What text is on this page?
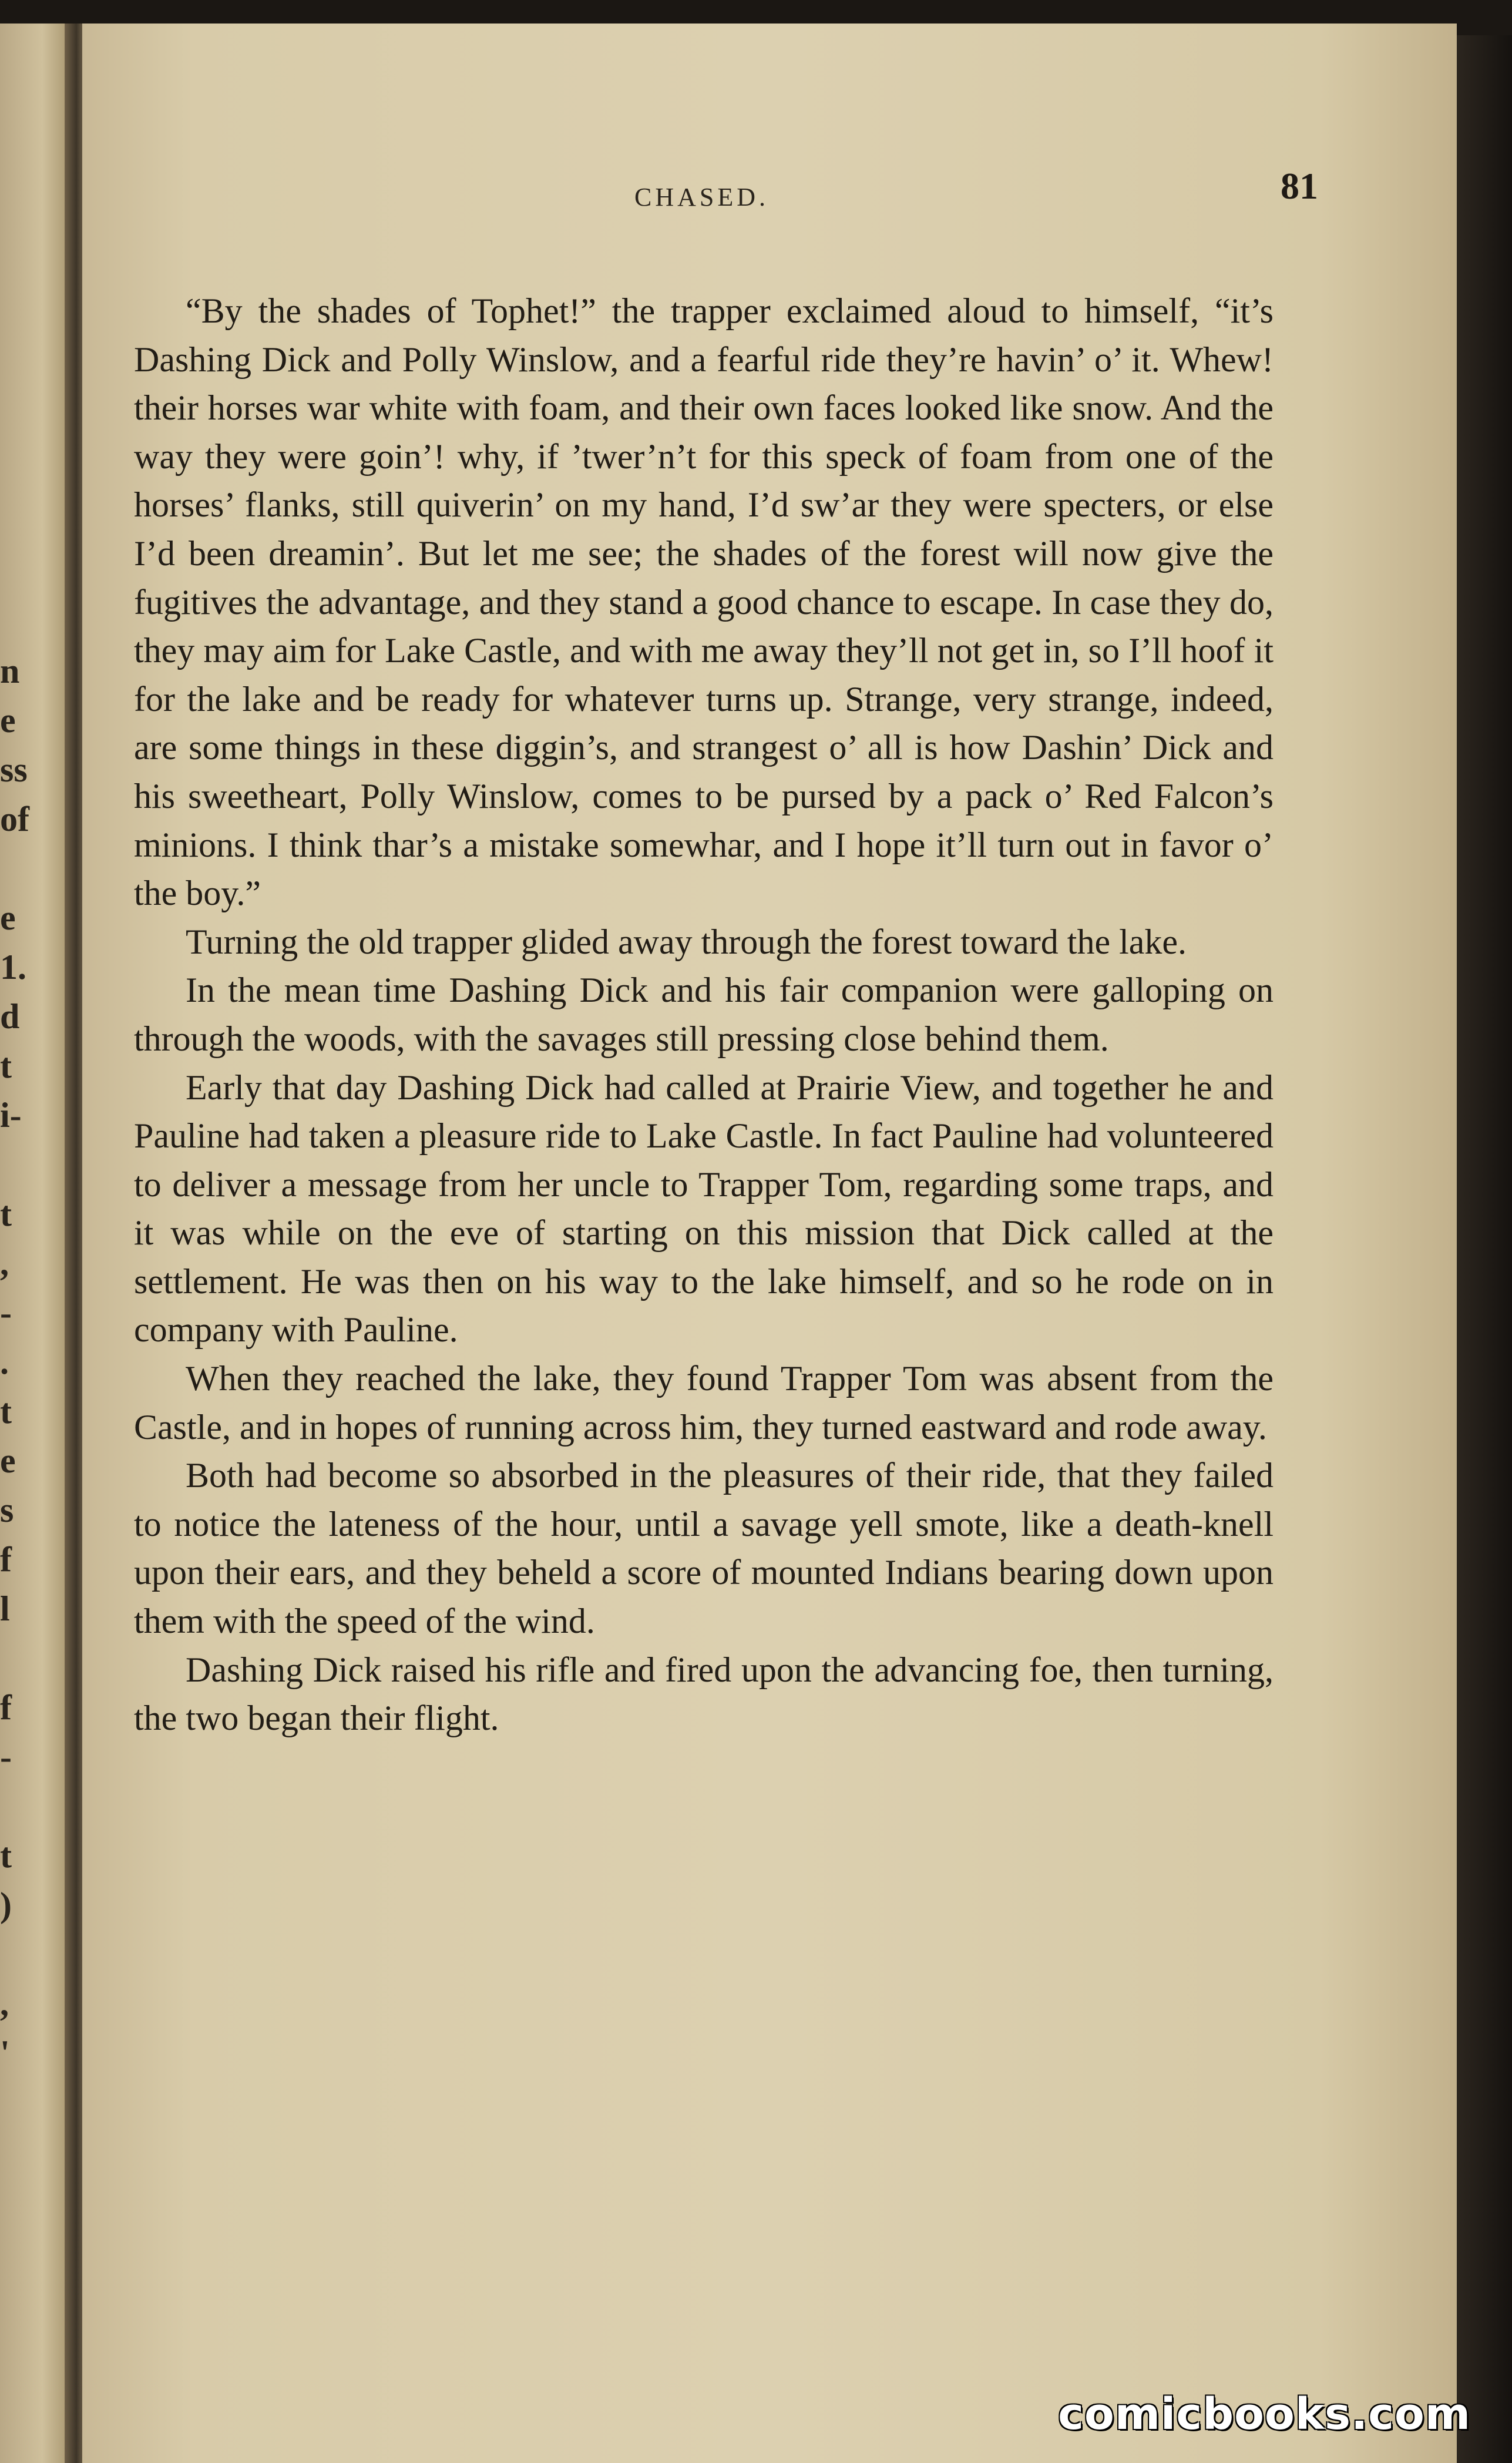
n
e
ss
of
e
1.
d
t
i-
t
,
-
.
t
e
s
f
l
f
-
t
)
,
'
CHASED.	81

“By the shades of Tophet!” the trapper exclaimed aloud to himself, “it’s Dashing Dick and Polly Winslow, and a fearful ride they’re havin’ o’ it. Whew! their horses war white with foam, and their own faces looked like snow. And the way they were goin’! why, if ’twer’n’t for this speck of foam from one of the horses’ flanks, still quiverin’ on my hand, I’d sw’ar they were specters, or else I’d been dreamin’. But let me see; the shades of the forest will now give the fugitives the advantage, and they stand a good chance to escape. In case they do, they may aim for Lake Castle, and with me away they’ll not get in, so I’ll hoof it for the lake and be ready for whatever turns up. Strange, very strange, indeed, are some things in these diggin’s, and strangest o’ all is how Dashin’ Dick and his sweetheart, Polly Winslow, comes to be pursed by a pack o’ Red Falcon’s minions. I think thar’s a mistake somewhar, and I hope it’ll turn out in favor o’ the boy.”

Turning the old trapper glided away through the forest toward the lake.

In the mean time Dashing Dick and his fair companion were galloping on through the woods, with the savages still pressing close behind them.

Early that day Dashing Dick had called at Prairie View, and together he and Pauline had taken a pleasure ride to Lake Castle. In fact Pauline had volunteered to deliver a message from her uncle to Trapper Tom, regarding some traps, and it was while on the eve of starting on this mission that Dick called at the settlement. He was then on his way to the lake himself, and so he rode on in company with Pauline.

When they reached the lake, they found Trapper Tom was absent from the Castle, and in hopes of running across him, they turned eastward and rode away.

Both had become so absorbed in the pleasures of their ride, that they failed to notice the lateness of the hour, until a savage yell smote, like a death-knell upon their ears, and they beheld a score of mounted Indians bearing down upon them with the speed of the wind.

Dashing Dick raised his rifle and fired upon the advancing foe, then turning, the two began their flight.

comicbooks.com
